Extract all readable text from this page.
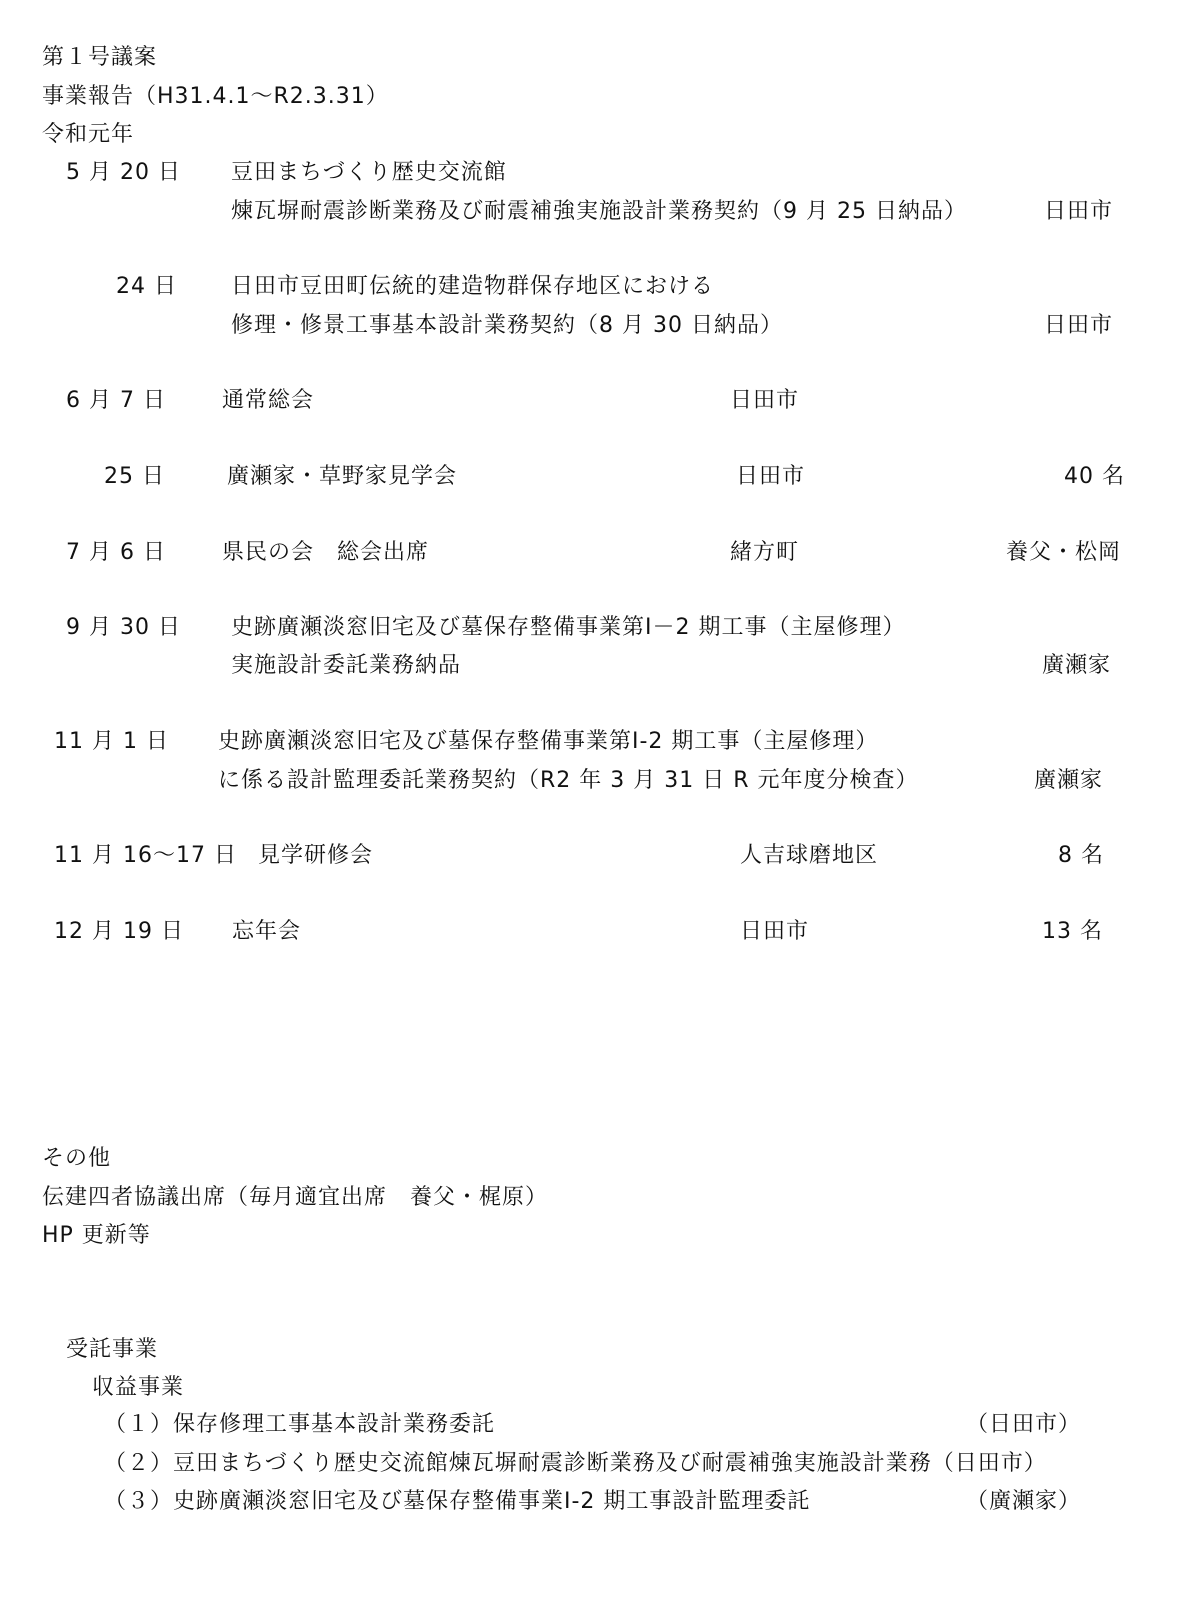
第１号議案
事業報告（H31.4.1～R2.3.31）
令和元年
5 月 20 日 豆田まちづくり歴史交流館
煉瓦塀耐震診断業務及び耐震補強実施設計業務契約（9 月 25 日納品）	日田市
24 日 日田市豆田町伝統的建造物群保存地区における
修理・修景工事基本設計業務契約（8 月 30 日納品）	日田市
6 月 7 日	通常総会	日田市
25 日	廣瀬家・草野家見学会	日田市	40 名
7 月 6 日	県民の会　総会出席	緒方町	養父・松岡
9 月 30 日 史跡廣瀬淡窓旧宅及び墓保存整備事業第Ⅰ－2 期工事（主屋修理）
実施設計委託業務納品	廣瀬家
11 月 1 日 史跡廣瀬淡窓旧宅及び墓保存整備事業第Ⅰ-2 期工事（主屋修理）
に係る設計監理委託業務契約（R2 年 3 月 31 日 R 元年度分検査）	廣瀬家
11 月 16～17 日 見学研修会	人吉球磨地区	8 名
12 月 19 日 忘年会	日田市	13 名
その他
伝建四者協議出席（毎月適宜出席　養父・梶原）
HP 更新等
受託事業
収益事業
（１）保存修理工事基本設計業務委託	（日田市）
（２）豆田まちづくり歴史交流館煉瓦塀耐震診断業務及び耐震補強実施設計業務（日田市）
（３）史跡廣瀬淡窓旧宅及び墓保存整備事業Ⅰ-2 期工事設計監理委託	（廣瀬家）
